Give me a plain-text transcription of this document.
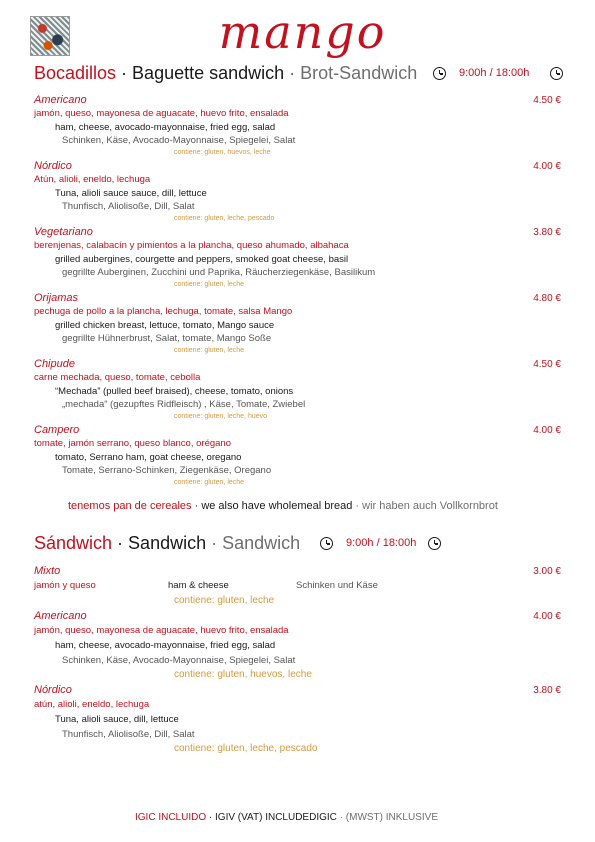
mango
Bocadillos · Baguette sandwich · Brot-Sandwich	9:00h / 18:00h
Americano	4.50 €
jamón, queso, mayonesa de aguacate, huevo frito, ensalada
ham, cheese, avocado-mayonnaise, fried egg, salad
Schinken, Käse, Avocado-Mayonnaise, Spiegelei, Salat
contiene: gluten, huevos, leche
Nórdico	4.00 €
Atún, alioli, eneldo, lechuga
Tuna, alioli sauce sauce, dill, lettuce
Thunfisch, Aliolisoße, Dill, Salat
contiene: gluten, leche, pescado
Vegetariano	3.80 €
berenjenas, calabacín y pimientos a la plancha, queso ahumado, albahaca
grilled aubergines, courgette and peppers, smoked goat cheese, basil
gegrillte Auberginen, Zucchini und Paprika, Räucherziegenkäse, Basilikum
contiene: gluten, leche
Orijamas	4.80 €
pechuga de pollo a la plancha, lechuga, tomate, salsa Mango
grilled chicken breast, lettuce, tomato, Mango sauce
gegrillte Hühnerbrust, Salat, tomate, Mango Soße
contiene: gluten, leche
Chipude	4.50 €
carne mechada, queso, tomate, cebolla
“Mechada” (pulled beef braised), cheese, tomato, onions
„mechada“ (gezupftes Ridfleisch) , Käse, Tomate, Zwiebel
contiene: gluten, leche, huevo
Campero	4.00 €
tomate, jamón serrano, queso blanco, orégano
tomato, Serrano ham, goat cheese, oregano
Tomate, Serrano-Schinken, Ziegenkäse, Oregano
contiene: gluten, leche
tenemos pan de cereales · we also have wholemeal bread · wir haben auch Vollkornbrot
Sándwich · Sandwich · Sandwich	9:00h / 18:00h
Mixto	3.00 €
jamón y queso	ham & cheese	Schinken und Käse
contiene: gluten, leche
Americano	4.00 €
jamón, queso, mayonesa de aguacate, huevo frito, ensalada
ham, cheese, avocado-mayonnaise, fried egg, salad
Schinken, Käse, Avocado-Mayonnaise, Spiegelei, Salat
contiene: gluten, huevos, leche
Nórdico	3.80 €
atún, alioli, eneldo, lechuga
Tuna, alioli sauce, dill, lettuce
Thunfisch, Aliolisoße, Dill, Salat
contiene: gluten, leche, pescado
IGIC INCLUIDO · IGIV (VAT) INCLUDEDIGIC · (MWST) INKLUSIVE
